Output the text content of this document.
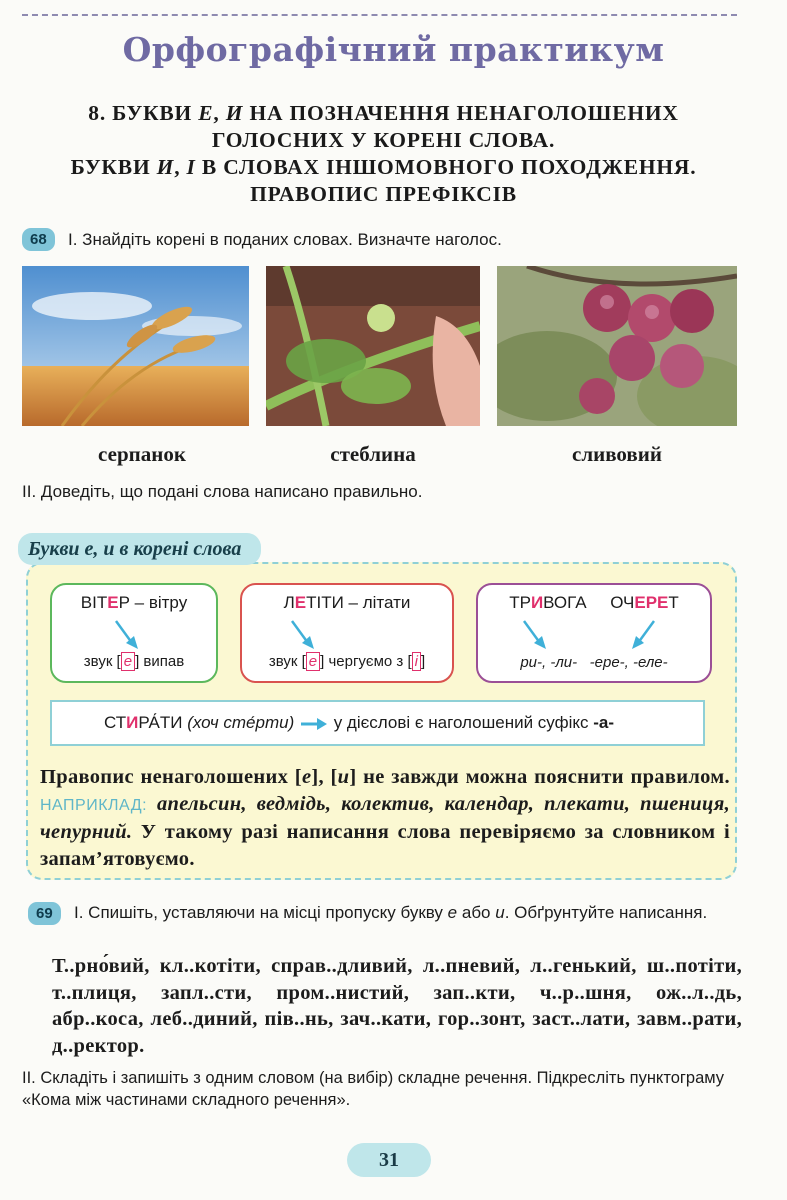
Орфографічний практикум
8. БУКВИ Е, И НА ПОЗНАЧЕННЯ НЕНАГОЛОШЕНИХ
ГОЛОСНИХ У КОРЕНІ СЛОВА.
БУКВИ И, І В СЛОВАХ ІНШОМОВНОГО ПОХОДЖЕННЯ.
ПРАВОПИС ПРЕФІКСІВ
68	І. Знайдіть корені в поданих словах. Визначте наголос.
серпанок	стеблина	сливовий
ІІ. Доведіть, що подані слова написано правильно.
Букви е, и в корені слова
ВІТЕР – вітру
звук [ е ] випав
ЛЕТІТИ – літати
звук [ е ] чергуємо з [ і ]
ТРИВОГА ОЧЕРЕТ
ри-, -ли- -ере-, -еле-
СТИРА́ТИ (хоч сте́рти)  у дієслові є наголошений суфікс -а-
Правопис ненаголошених [е], [и] не завжди можна пояснити правилом. НАПРИКЛАД: апельсин, ведмідь, колектив, календар, плекати, пшениця, чепурний. У такому разі написання слова перевіряємо за словником і запам’ятовуємо.
69	І. Спишіть, уставляючи на місці пропуску букву е або и. Обґрунтуйте написання.
Т..рно́вий, кл..котіти, справ..дливий, л..пневий, л..генький, ш..потіти, т..плиця, запл..сти, пром..нистий, зап..кти, ч..р..шня, ож..л..дь, абр..коса, леб..диний, пів..нь, зач..кати, гор..зонт, заст..лати, завм..рати, д..ректор.
ІІ. Складіть і запишіть з одним словом (на вибір) складне речення. Підкресліть пунктограму «Кома між частинами складного речення».
31
